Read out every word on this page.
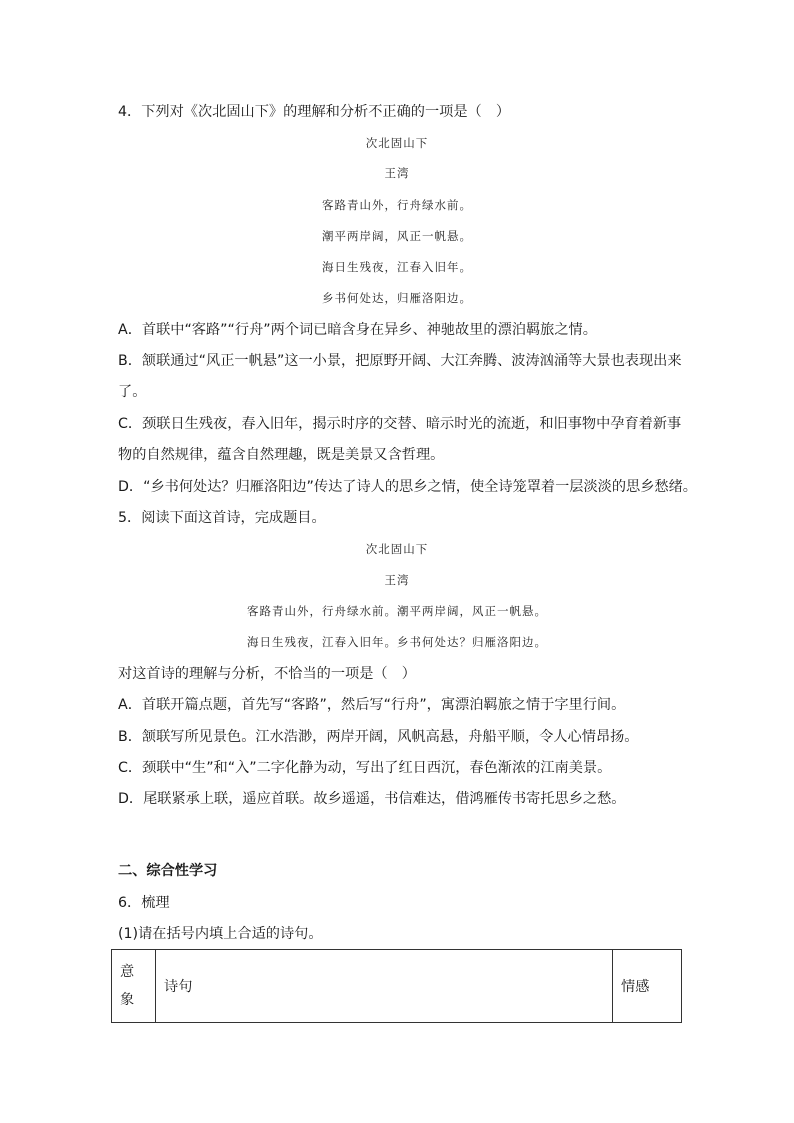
4．下列对《次北固山下》的理解和分析不正确的一项是（　）
次北固山下
王湾
客路青山外，行舟绿水前。
潮平两岸阔，风正一帆悬。
海日生残夜，江春入旧年。
乡书何处达，归雁洛阳边。
A．首联中“客路”“行舟”两个词已暗含身在异乡、神驰故里的漂泊羁旅之情。
B．颔联通过“风正一帆悬”这一小景，把原野开阔、大江奔腾、波涛汹涌等大景也表现出来
了。
C．颈联日生残夜，春入旧年，揭示时序的交替、暗示时光的流逝，和旧事物中孕育着新事
物的自然规律，蕴含自然理趣，既是美景又含哲理。
D．“乡书何处达？归雁洛阳边”传达了诗人的思乡之情，使全诗笼罩着一层淡淡的思乡愁绪。
5．阅读下面这首诗，完成题目。
次北固山下
王湾
客路青山外，行舟绿水前。潮平两岸阔，风正一帆悬。
海日生残夜，江春入旧年。乡书何处达？归雁洛阳边。
对这首诗的理解与分析，不恰当的一项是（　）
A．首联开篇点题，首先写“客路”，然后写“行舟”，寓漂泊羁旅之情于字里行间。
B．颔联写所见景色。江水浩渺，两岸开阔，风帆高悬，舟船平顺，令人心情昂扬。
C．颈联中“生”和“入”二字化静为动，写出了红日西沉，春色渐浓的江南美景。
D．尾联紧承上联，遥应首联。故乡遥遥，书信难达，借鸿雁传书寄托思乡之愁。
二、综合性学习
6．梳理
(1)请在括号内填上合适的诗句。
意
象
	诗句	情感
